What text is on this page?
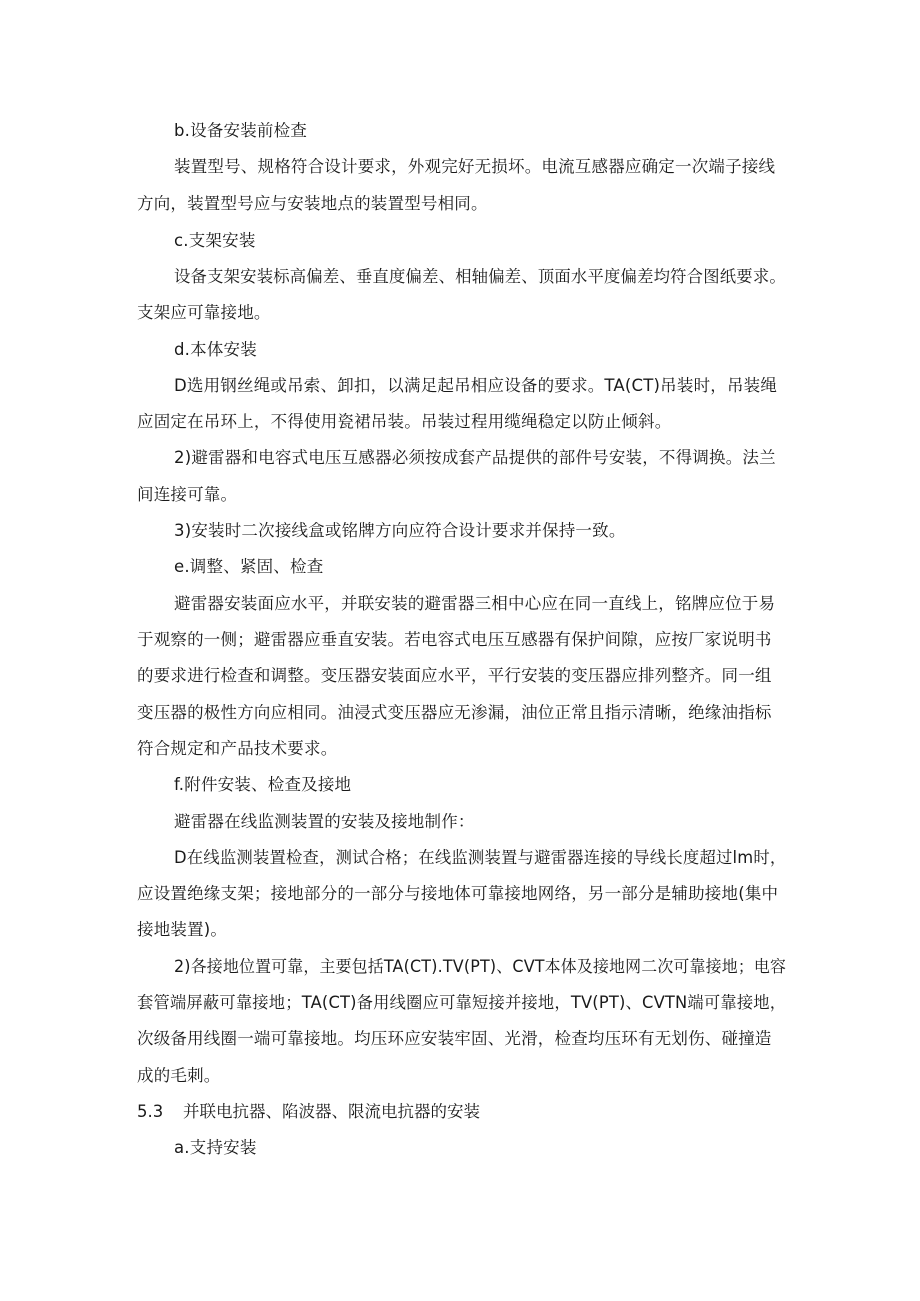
b.设备安装前检查
装置型号、规格符合设计要求，外观完好无损坏。电流互感器应确定一次端子接线
方向，装置型号应与安装地点的装置型号相同。
c.支架安装
设备支架安装标高偏差、垂直度偏差、相轴偏差、顶面水平度偏差均符合图纸要求。
支架应可靠接地。
d.本体安装
D选用钢丝绳或吊索、卸扣，以满足起吊相应设备的要求。TA(CT)吊装时，吊装绳
应固定在吊环上，不得使用瓷裙吊装。吊装过程用缆绳稳定以防止倾斜。
2)避雷器和电容式电压互感器必须按成套产品提供的部件号安装，不得调换。法兰
间连接可靠。
3)安装时二次接线盒或铭牌方向应符合设计要求并保持一致。
e.调整、紧固、检查
避雷器安装面应水平，并联安装的避雷器三相中心应在同一直线上，铭牌应位于易
于观察的一侧；避雷器应垂直安装。若电容式电压互感器有保护间隙，应按厂家说明书
的要求进行检查和调整。变压器安装面应水平，平行安装的变压器应排列整齐。同一组
变压器的极性方向应相同。油浸式变压器应无渗漏，油位正常且指示清晰，绝缘油指标
符合规定和产品技术要求。
f.附件安装、检查及接地
避雷器在线监测装置的安装及接地制作：
D在线监测装置检查，测试合格；在线监测装置与避雷器连接的导线长度超过lm时，
应设置绝缘支架；接地部分的一部分与接地体可靠接地网络，另一部分是辅助接地(集中
接地装置)。
2)各接地位置可靠，主要包括TA(CT).TV(PT)、CVT本体及接地网二次可靠接地；电容
套管端屏蔽可靠接地；TA(CT)备用线圈应可靠短接并接地，TV(PT)、CVTN端可靠接地，
次级备用线圈一端可靠接地。均压环应安装牢固、光滑，检查均压环有无划伤、碰撞造
成的毛刺。
5.3 并联电抗器、陷波器、限流电抗器的安装
a.支持安装
